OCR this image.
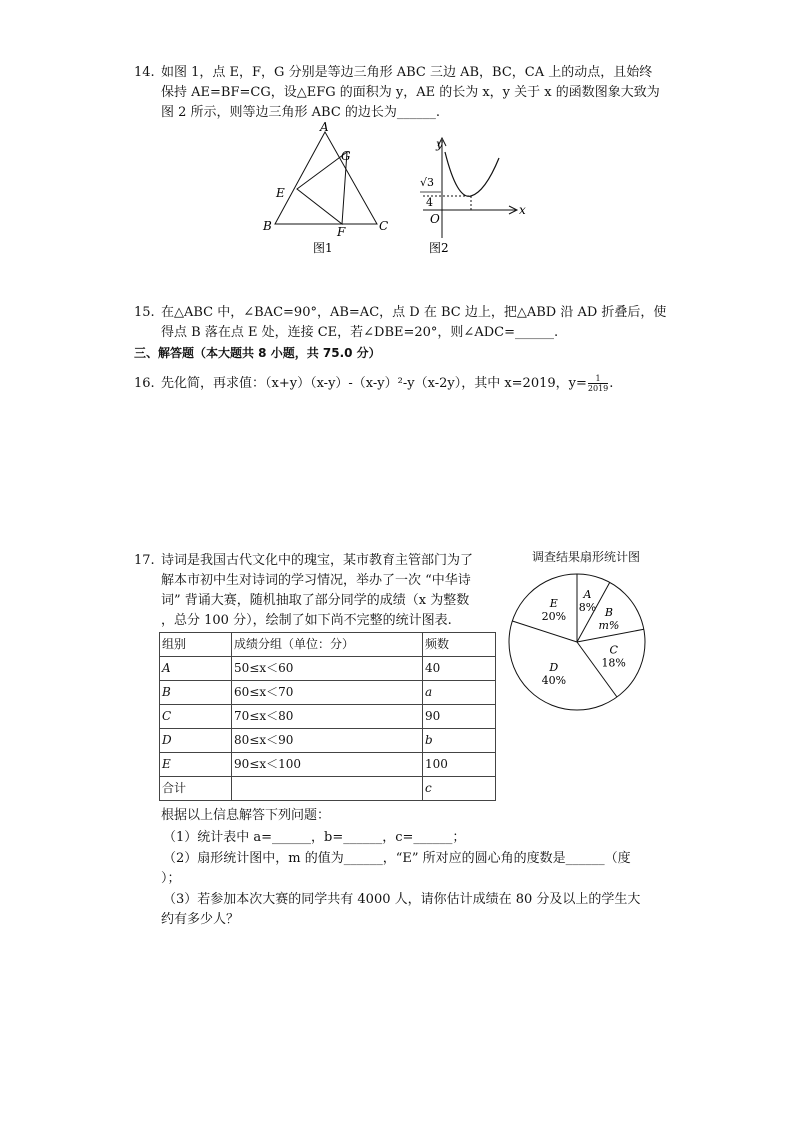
14. 如图 1，点 E，F，G 分别是等边三角形 ABC 三边 AB，BC，CA 上的动点，且始终
保持 AE=BF=CG，设△EFG 的面积为 y，AE 的长为 x，y 关于 x 的函数图象大致为
图 2 所示，则等边三角形 ABC 的边长为______.
A
B	C
E
F
G
图1
y
x
O
√3
4
图2
15. 在△ABC 中，∠BAC=90°，AB=AC，点 D 在 BC 边上，把△ABD 沿 AD 折叠后，使
得点 B 落在点 E 处，连接 CE，若∠DBE=20°，则∠ADC=______.
三、解答题（本大题共 8 小题，共 75.0 分）
16. 先化简，再求值：（x+y）（x-y）-（x-y）²-y（x-2y），其中 x=2019，$y= \frac{1}{2019}$ .
17. 诗词是我国古代文化中的瑰宝，某市教育主管部门为了
解本市初中生对诗词的学习情况，举办了一次 “中华诗
词” 背诵大赛，随机抽取了部分同学的成绩（x 为整数
，总分 100 分），绘制了如下尚不完整的统计图表.
调查结果扇形统计图
A
8% B
m%
C
18%
D
40%
E
20%
组别	成绩分组（单位：分）	频数
A	50≤x＜60	40
B	60≤x＜70	a
C	70≤x＜80	90
D	80≤x＜90	b
E	90≤x＜100	100
合计		c
根据以上信息解答下列问题：
（1）统计表中 a=______，b=______，c=______；
（2）扇形统计图中，m 的值为______，“E” 所对应的圆心角的度数是______（度
）；
（3）若参加本次大赛的同学共有 4000 人，请你估计成绩在 80 分及以上的学生大
约有多少人？
